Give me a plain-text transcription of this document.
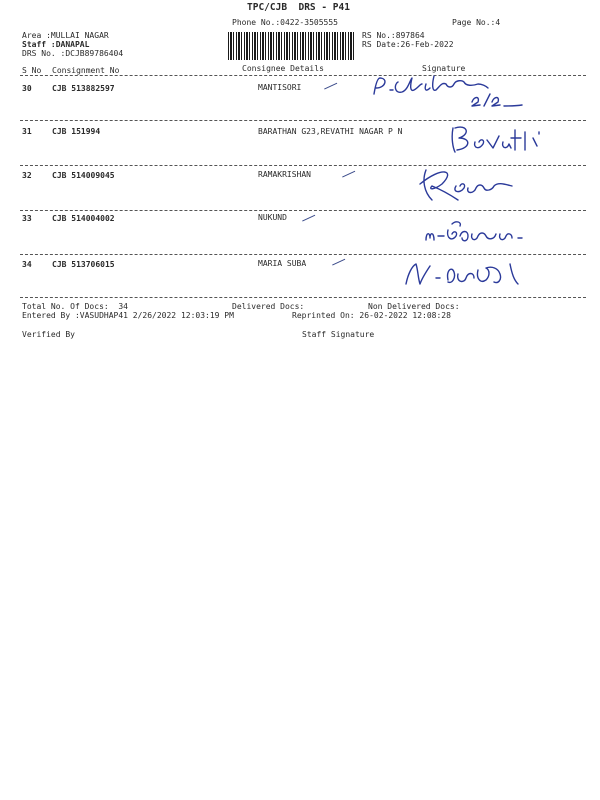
TPC/CJB  DRS - P41
Phone No.:0422-3505555	Page No.:4
Area :MULLAI NAGAR
Staff :DANAPAL
DRS No. :DCJB89786404
RS No.:897864
RS Date:26-Feb-2022
S No Consignment No	Consignee Details	Signature
30	CJB 513882597	MANTISORI
31	CJB 151994	BARATHAN G23,REVATHI NAGAR P N
32	CJB 514009045	RAMAKRISHAN
33	CJB 514004002	NUKUND
34	CJB 513706015	MARIA SUBA
Total No. Of Docs:  34	Delivered Docs:	Non Delivered Docs:
Entered By :VASUDHAP41 2/26/2022 12:03:19 PM	Reprinted On: 26-02-2022 12:08:28
Verified By	Staff Signature
